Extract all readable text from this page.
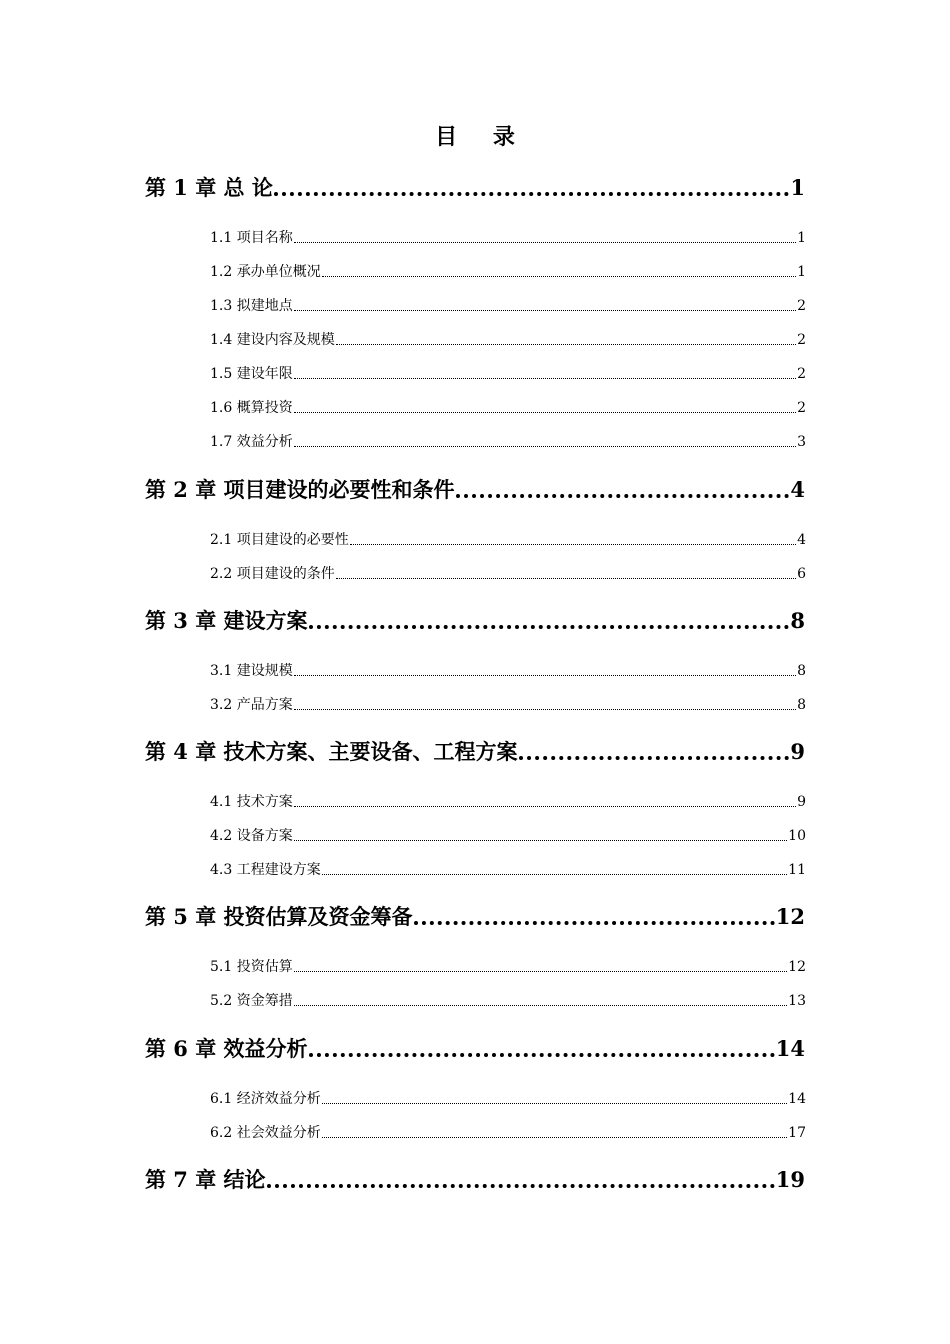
目 录
第 1 章 总 论	1
1.1 项目名称	1
1.2 承办单位概况	1
1.3 拟建地点	2
1.4 建设内容及规模	2
1.5 建设年限	2
1.6 概算投资	2
1.7 效益分析	3
第 2 章 项目建设的必要性和条件	4
2.1 项目建设的必要性	4
2.2 项目建设的条件	6
第 3 章 建设方案	8
3.1 建设规模	8
3.2 产品方案	8
第 4 章 技术方案、主要设备、工程方案	9
4.1 技术方案	9
4.2 设备方案	10
4.3 工程建设方案	11
第 5 章 投资估算及资金筹备	12
5.1 投资估算	12
5.2 资金筹措	13
第 6 章 效益分析	14
6.1 经济效益分析	14
6.2 社会效益分析	17
第 7 章 结论	19
